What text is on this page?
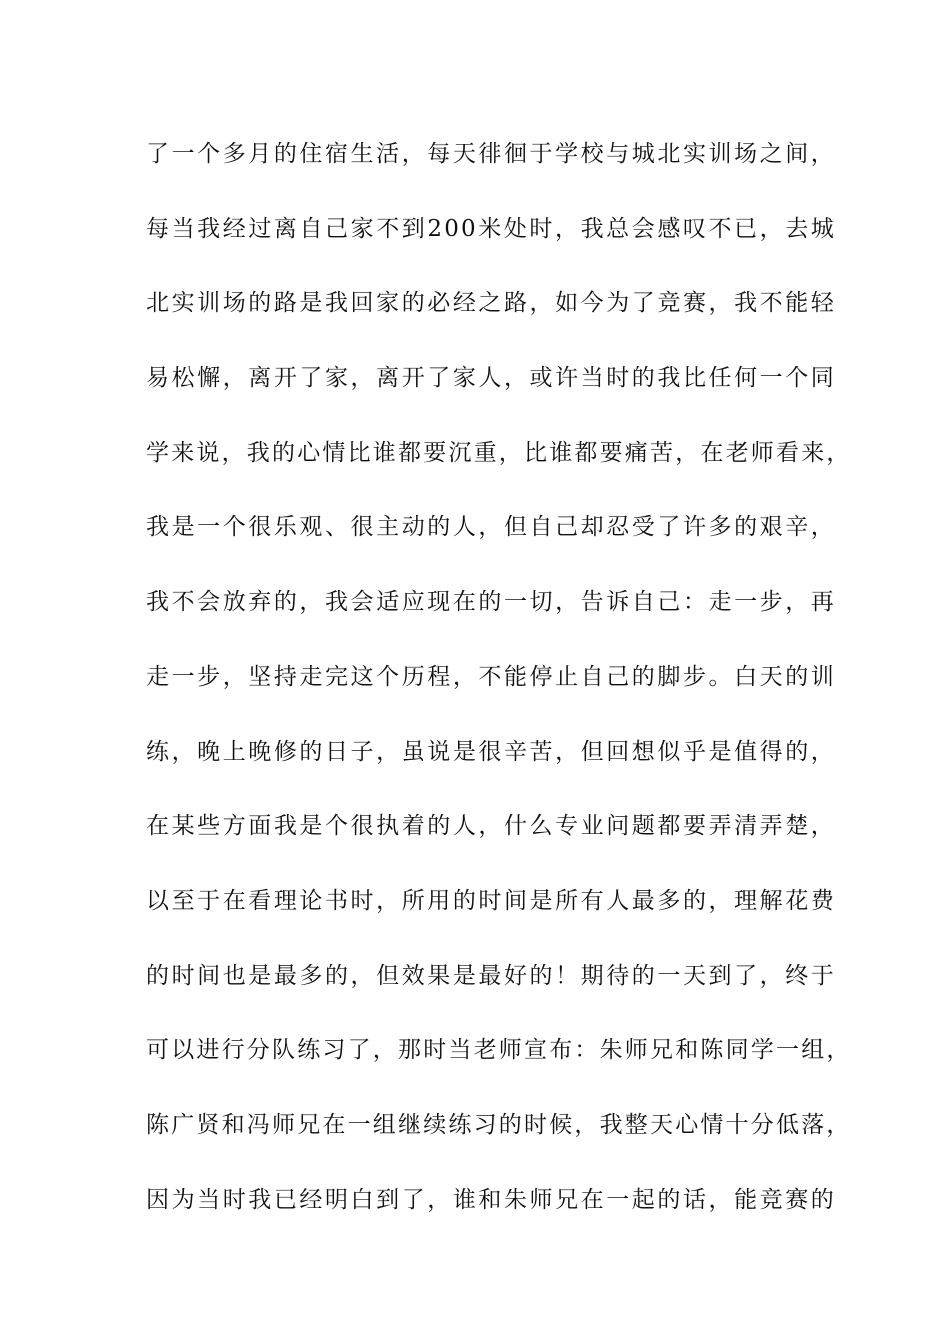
了一个多月的住宿生活，每天徘徊于学校与城北实训场之间，
每当我经过离自己家不到200米处时，我总会感叹不已，去城
北实训场的路是我回家的必经之路，如今为了竞赛，我不能轻
易松懈，离开了家，离开了家人，或许当时的我比任何一个同
学来说，我的心情比谁都要沉重，比谁都要痛苦，在老师看来，
我是一个很乐观、很主动的人，但自己却忍受了许多的艰辛，
我不会放弃的，我会适应现在的一切，告诉自己：走一步，再
走一步，坚持走完这个历程，不能停止自己的脚步。白天的训
练，晚上晚修的日子，虽说是很辛苦，但回想似乎是值得的，
在某些方面我是个很执着的人，什么专业问题都要弄清弄楚，
以至于在看理论书时，所用的时间是所有人最多的，理解花费
的时间也是最多的，但效果是最好的！期待的一天到了，终于
可以进行分队练习了，那时当老师宣布：朱师兄和陈同学一组，
陈广贤和冯师兄在一组继续练习的时候，我整天心情十分低落，
因为当时我已经明白到了，谁和朱师兄在一起的话，能竞赛的
